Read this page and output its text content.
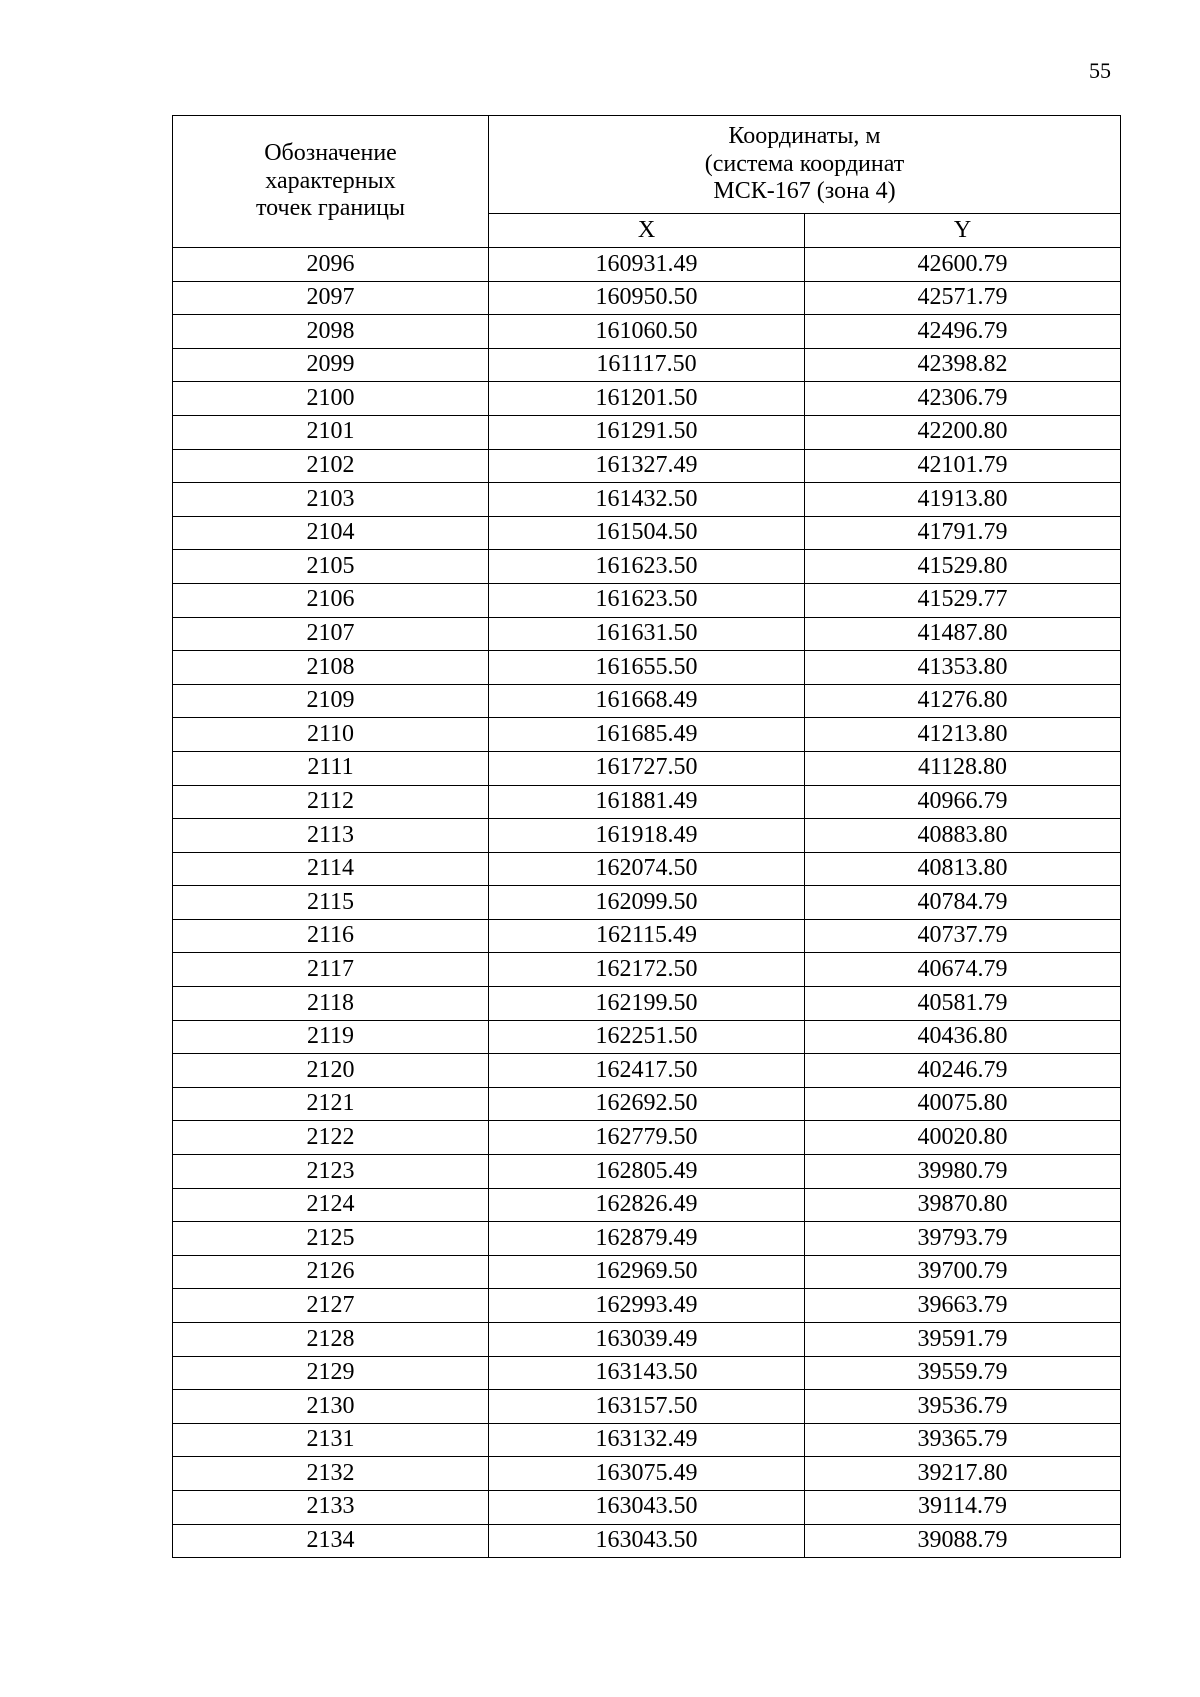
55
Обозначение
характерных
точек границы	Координаты, м
(система координат
МСК-167 (зона 4)	

	X	Y
2096	160931.49	42600.79
2097	160950.50	42571.79
2098	161060.50	42496.79
2099	161117.50	42398.82
2100	161201.50	42306.79
2101	161291.50	42200.80
2102	161327.49	42101.79
2103	161432.50	41913.80
2104	161504.50	41791.79
2105	161623.50	41529.80
2106	161623.50	41529.77
2107	161631.50	41487.80
2108	161655.50	41353.80
2109	161668.49	41276.80
2110	161685.49	41213.80
2111	161727.50	41128.80
2112	161881.49	40966.79
2113	161918.49	40883.80
2114	162074.50	40813.80
2115	162099.50	40784.79
2116	162115.49	40737.79
2117	162172.50	40674.79
2118	162199.50	40581.79
2119	162251.50	40436.80
2120	162417.50	40246.79
2121	162692.50	40075.80
2122	162779.50	40020.80
2123	162805.49	39980.79
2124	162826.49	39870.80
2125	162879.49	39793.79
2126	162969.50	39700.79
2127	162993.49	39663.79
2128	163039.49	39591.79
2129	163143.50	39559.79
2130	163157.50	39536.79
2131	163132.49	39365.79
2132	163075.49	39217.80
2133	163043.50	39114.79
2134	163043.50	39088.79
